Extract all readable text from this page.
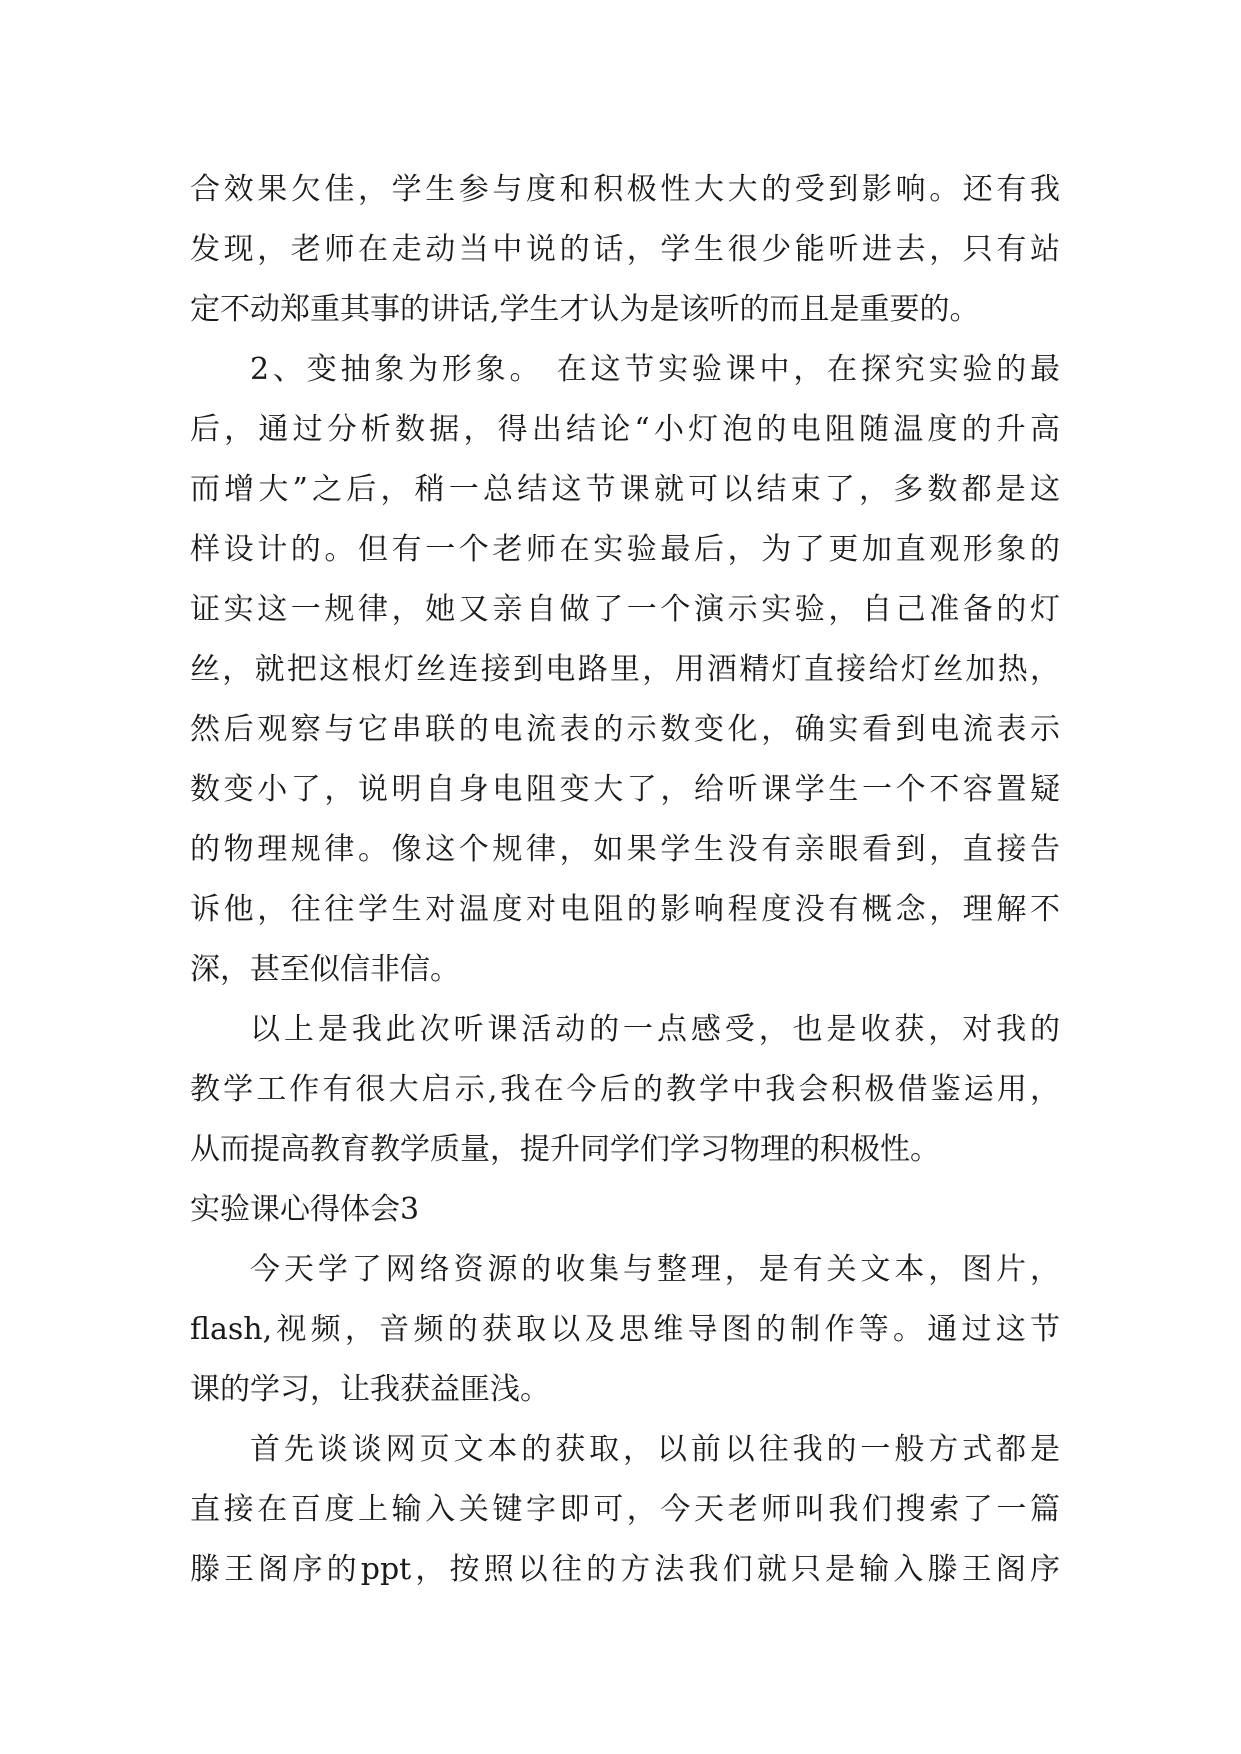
合效果欠佳，学生参与度和积极性大大的受到影响。还有我
发现，老师在走动当中说的话，学生很少能听进去，只有站
定不动郑重其事的讲话,学生才认为是该听的而且是重要的。
2、变抽象为形象。 在这节实验课中，在探究实验的最
后，通过分析数据，得出结论“小灯泡的电阻随温度的升高
而增大”之后，稍一总结这节课就可以结束了，多数都是这
样设计的。但有一个老师在实验最后，为了更加直观形象的
证实这一规律，她又亲自做了一个演示实验，自己准备的灯
丝，就把这根灯丝连接到电路里，用酒精灯直接给灯丝加热，
然后观察与它串联的电流表的示数变化，确实看到电流表示
数变小了，说明自身电阻变大了，给听课学生一个不容置疑
的物理规律。像这个规律，如果学生没有亲眼看到，直接告
诉他，往往学生对温度对电阻的影响程度没有概念，理解不
深，甚至似信非信。
以上是我此次听课活动的一点感受，也是收获，对我的
教学工作有很大启示,我在今后的教学中我会积极借鉴运用，
从而提高教育教学质量，提升同学们学习物理的积极性。
实验课心得体会3
今天学了网络资源的收集与整理，是有关文本，图片，
flash,视频，音频的获取以及思维导图的制作等。通过这节
课的学习，让我获益匪浅。
首先谈谈网页文本的获取，以前以往我的一般方式都是
直接在百度上输入关键字即可，今天老师叫我们搜索了一篇
滕王阁序的ppt，按照以往的方法我们就只是输入滕王阁序
